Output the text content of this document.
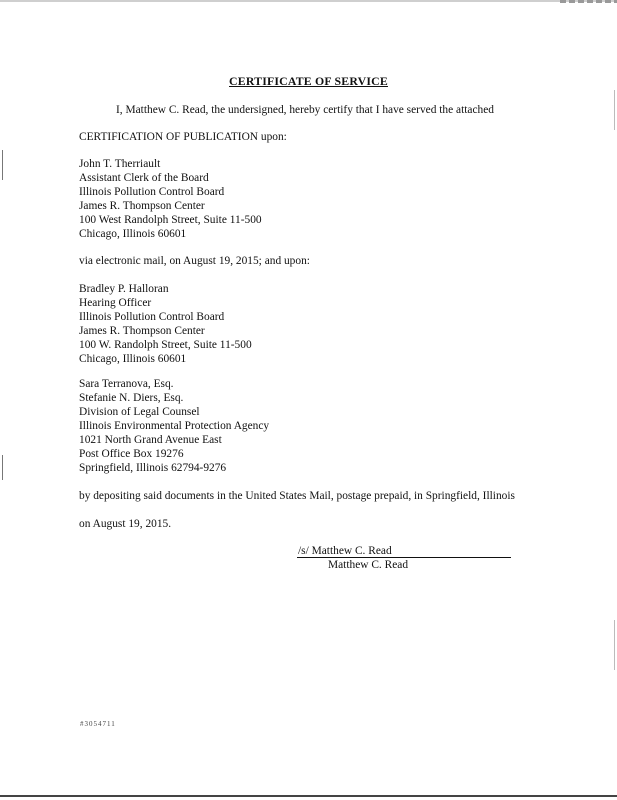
CERTIFICATE OF SERVICE
I, Matthew C. Read, the undersigned, hereby certify that I have served the attached
CERTIFICATION OF PUBLICATION upon:
John T. Therriault
Assistant Clerk of the Board
Illinois Pollution Control Board
James R. Thompson Center
100 West Randolph Street, Suite 11-500
Chicago, Illinois 60601
via electronic mail, on August 19, 2015; and upon:
Bradley P. Halloran
Hearing Officer
Illinois Pollution Control Board
James R. Thompson Center
100 W. Randolph Street, Suite 11-500
Chicago, Illinois 60601
Sara Terranova, Esq.
Stefanie N. Diers, Esq.
Division of Legal Counsel
Illinois Environmental Protection Agency
1021 North Grand Avenue East
Post Office Box 19276
Springfield, Illinois 62794-9276
by depositing said documents in the United States Mail, postage prepaid, in Springfield, Illinois
on August 19, 2015.
/s/ Matthew C. Read
Matthew C. Read
#3054711
